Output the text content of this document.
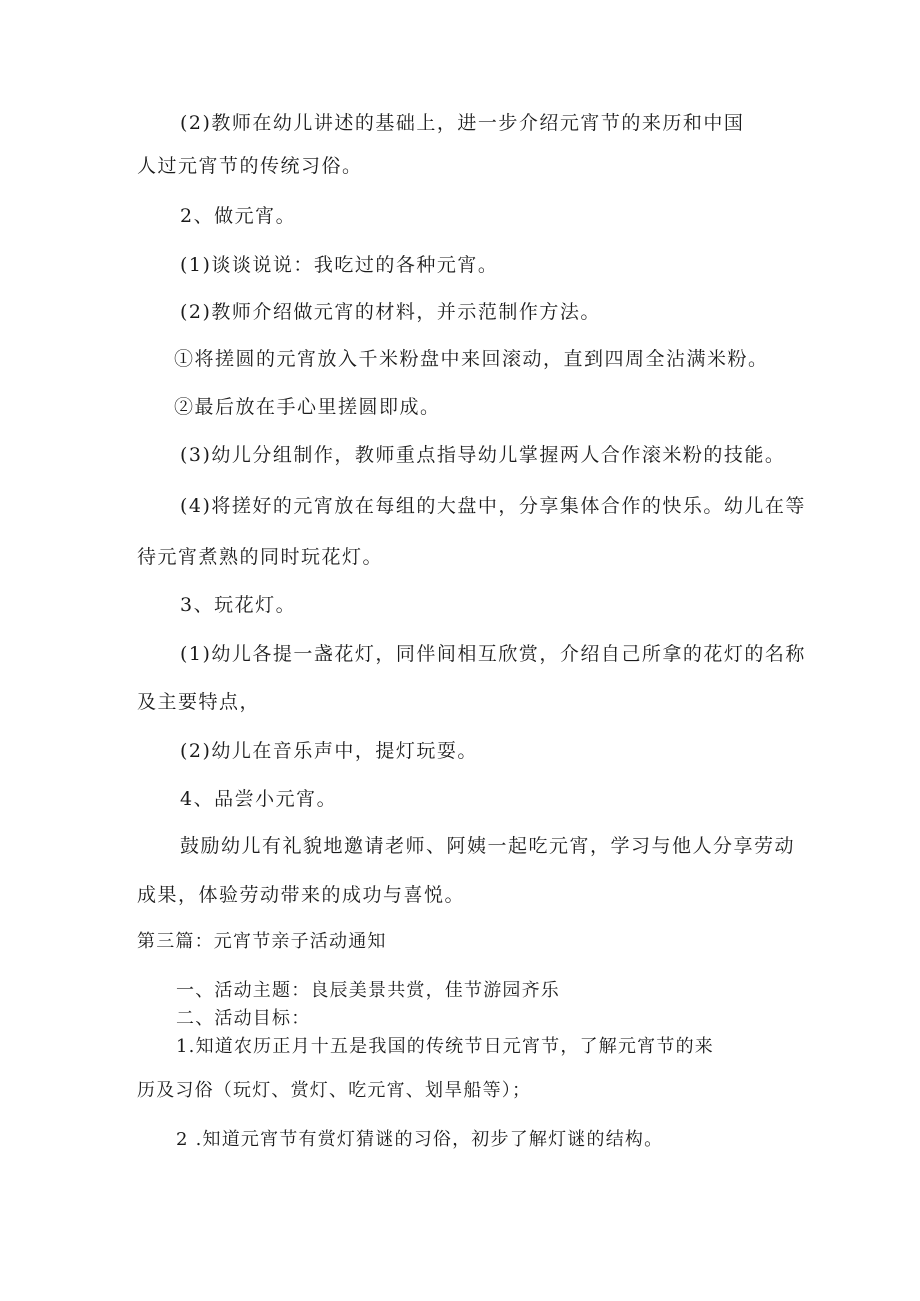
(2)教师在幼儿讲述的基础上，进一步介绍元宵节的来历和中国
人过元宵节的传统习俗。
2、做元宵。
(1)谈谈说说：我吃过的各种元宵。
(2)教师介绍做元宵的材料，并示范制作方法。
①将搓圆的元宵放入千米粉盘中来回滚动，直到四周全沾满米粉。
②最后放在手心里搓圆即成。
(3)幼儿分组制作，教师重点指导幼儿掌握两人合作滚米粉的技能。
(4)将搓好的元宵放在每组的大盘中，分享集体合作的快乐。幼儿在等
待元宵煮熟的同时玩花灯。
3、玩花灯。
(1)幼儿各提一盏花灯，同伴间相互欣赏，介绍自己所拿的花灯的名称
及主要特点，
(2)幼儿在音乐声中，提灯玩耍。
4、品尝小元宵。
鼓励幼儿有礼貌地邀请老师、阿姨一起吃元宵，学习与他人分享劳动
成果，体验劳动带来的成功与喜悦。
第三篇：元宵节亲子活动通知
一、活动主题：良辰美景共赏，佳节游园齐乐
二、活动目标：
1.知道农历正月十五是我国的传统节日元宵节，了解元宵节的来
历及习俗（玩灯、赏灯、吃元宵、划旱船等）；
2 .知道元宵节有赏灯猜谜的习俗，初步了解灯谜的结构。
